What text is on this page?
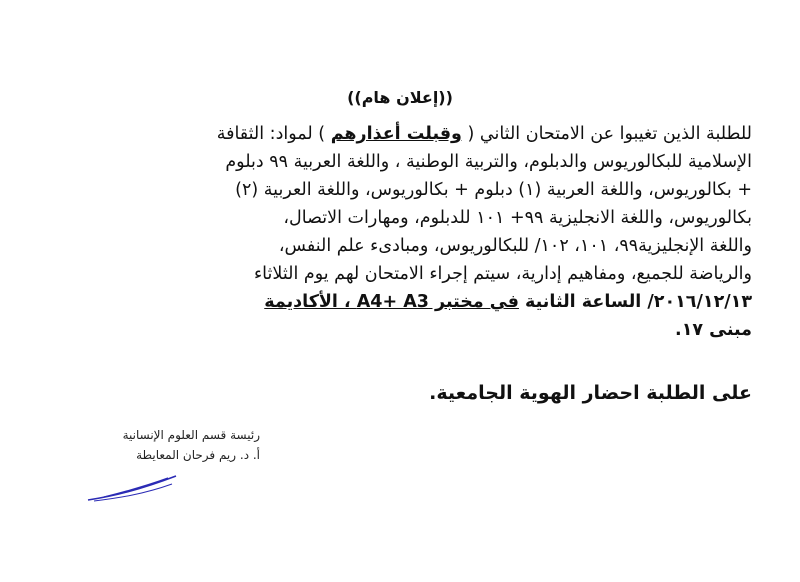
((إعلان هام))
للطلبة الذين تغيبوا عن الامتحان الثاني ( وقبلت أعذارهم ) لمواد: الثقافة
الإسلامية للبكالوريوس والدبلوم، والتربية الوطنية ، واللغة العربية ٩٩ دبلوم
+ بكالوريوس، واللغة العربية (١) دبلوم + بكالوريوس، واللغة العربية (٢)
بكالوريوس، واللغة الانجليزية ٩٩+ ١٠١ للدبلوم، ومهارات الاتصال،
واللغة الإنجليزية٩٩، ١٠١، ١٠٢/ للبكالوريوس، ومبادىء علم النفس،
والرياضة للجميع، ومفاهيم إدارية، سيتم إجراء الامتحان لهم يوم الثلاثاء
٢٠١٦/١٢/١٣/ الساعة الثانية في مختبر A4+ A3 ، الأكاديمة
مبنى ١٧.
على الطلبة احضار الهوية الجامعية.
رئيسة قسم العلوم الإنسانية
أ. د. ريم فرحان المعايطة
